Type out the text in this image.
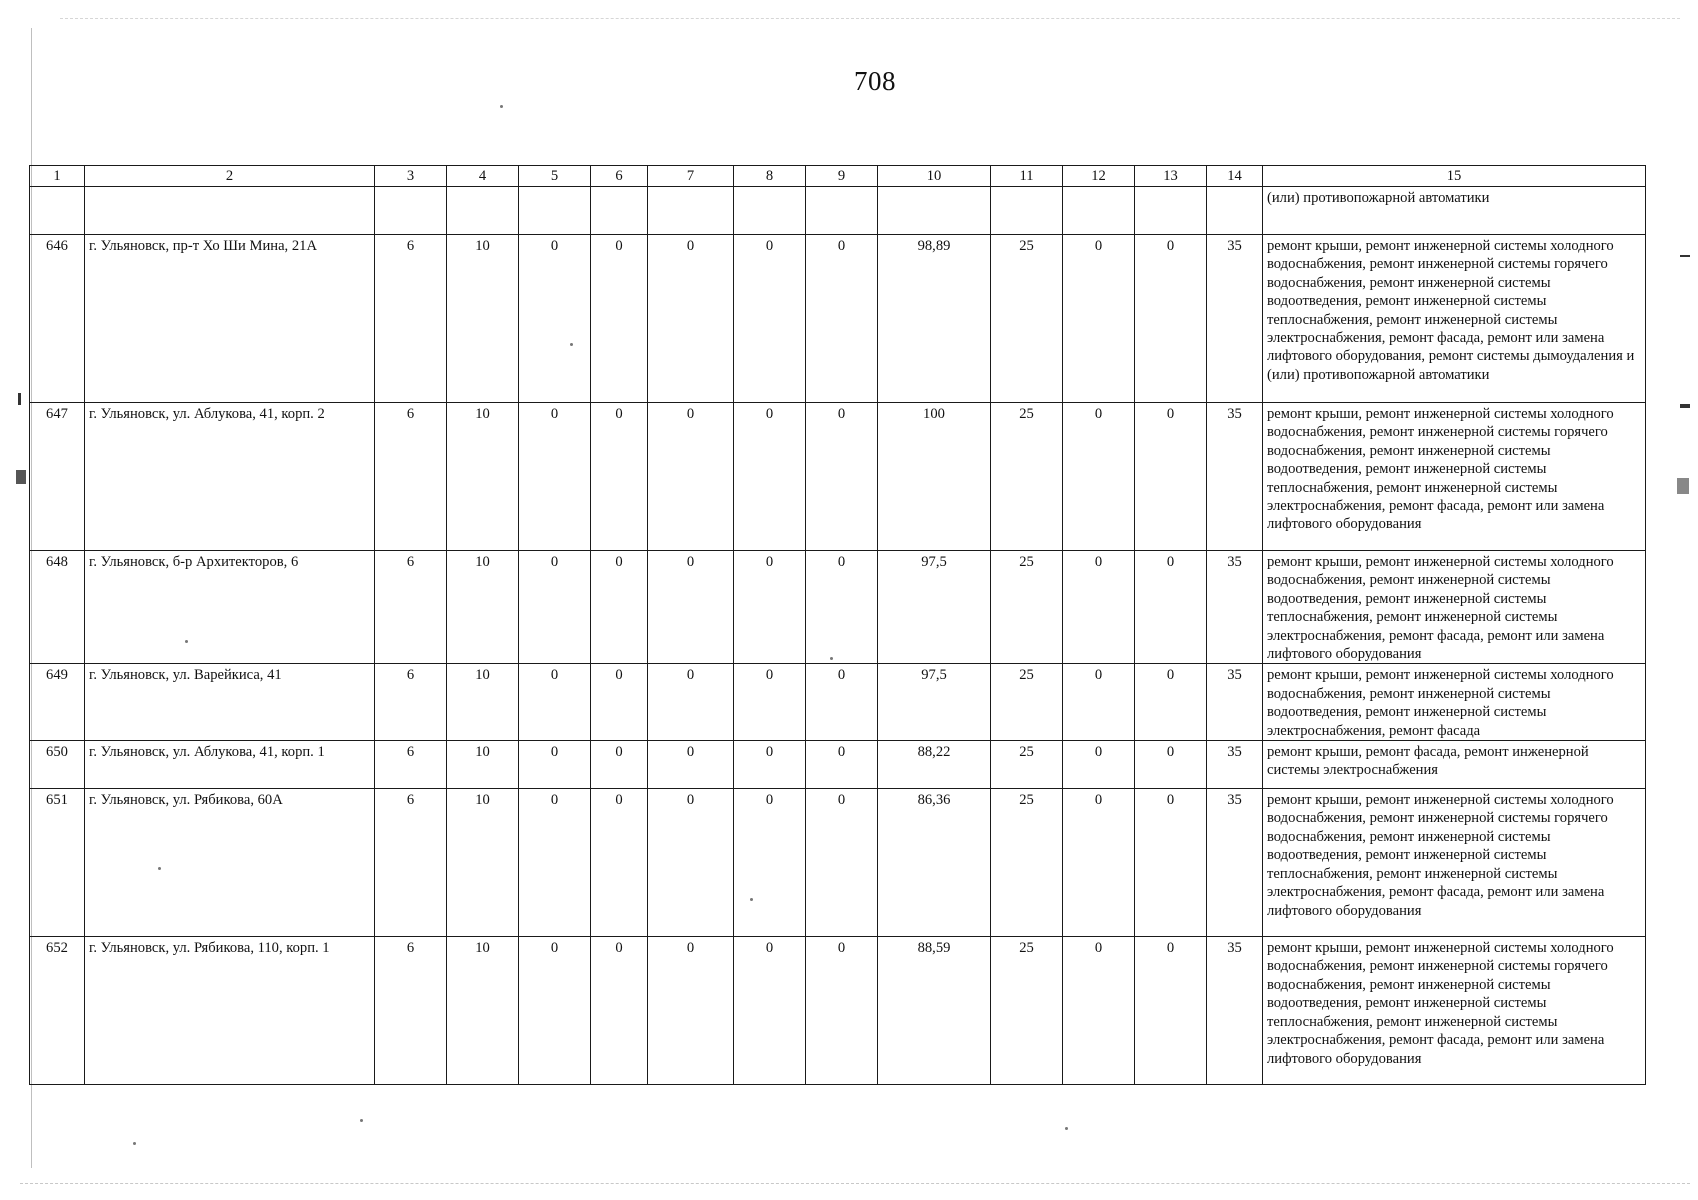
708
1	2	3	4	5	6	7	8	9	10	11	12	13	14	15
														(или) противопожарной автоматики
646	г. Ульяновск, пр-т Хо Ши Мина, 21А	6	10	0	0	0	0	0	98,89	25	0	0	35	ремонт крыши, ремонт инженерной системы холодного водоснабжения, ремонт инженерной системы горячего водоснабжения, ремонт инженерной системы водоотведения, ремонт инженерной системы теплоснабжения, ремонт инженерной системы электроснабжения, ремонт фасада, ремонт или замена лифтового оборудования, ремонт системы дымоудаления и (или) противопожарной автоматики
647	г. Ульяновск, ул. Аблукова, 41, корп. 2	6	10	0	0	0	0	0	100	25	0	0	35	ремонт крыши, ремонт инженерной системы холодного водоснабжения, ремонт инженерной системы горячего водоснабжения, ремонт инженерной системы водоотведения, ремонт инженерной системы теплоснабжения, ремонт инженерной системы электроснабжения, ремонт фасада, ремонт или замена лифтового оборудования
648	г. Ульяновск, б-р Архитекторов, 6	6	10	0	0	0	0	0	97,5	25	0	0	35	ремонт крыши, ремонт инженерной системы холодного водоснабжения, ремонт инженерной системы водоотведения, ремонт инженерной системы теплоснабжения, ремонт инженерной системы электроснабжения, ремонт фасада, ремонт или замена лифтового оборудования
649	г. Ульяновск, ул. Варейкиса, 41	6	10	0	0	0	0	0	97,5	25	0	0	35	ремонт крыши, ремонт инженерной системы холодного водоснабжения, ремонт инженерной системы водоотведения, ремонт инженерной системы электроснабжения, ремонт фасада
650	г. Ульяновск, ул. Аблукова, 41, корп. 1	6	10	0	0	0	0	0	88,22	25	0	0	35	ремонт крыши, ремонт фасада, ремонт инженерной системы электроснабжения
651	г. Ульяновск, ул. Рябикова, 60А	6	10	0	0	0	0	0	86,36	25	0	0	35	ремонт крыши, ремонт инженерной системы холодного водоснабжения, ремонт инженерной системы горячего водоснабжения, ремонт инженерной системы водоотведения, ремонт инженерной системы теплоснабжения, ремонт инженерной системы электроснабжения, ремонт фасада, ремонт или замена лифтового оборудования
652	г. Ульяновск, ул. Рябикова, 110, корп. 1	6	10	0	0	0	0	0	88,59	25	0	0	35	ремонт крыши, ремонт инженерной системы холодного водоснабжения, ремонт инженерной системы горячего водоснабжения, ремонт инженерной системы водоотведения, ремонт инженерной системы теплоснабжения, ремонт инженерной системы электроснабжения, ремонт фасада, ремонт или замена лифтового оборудования
